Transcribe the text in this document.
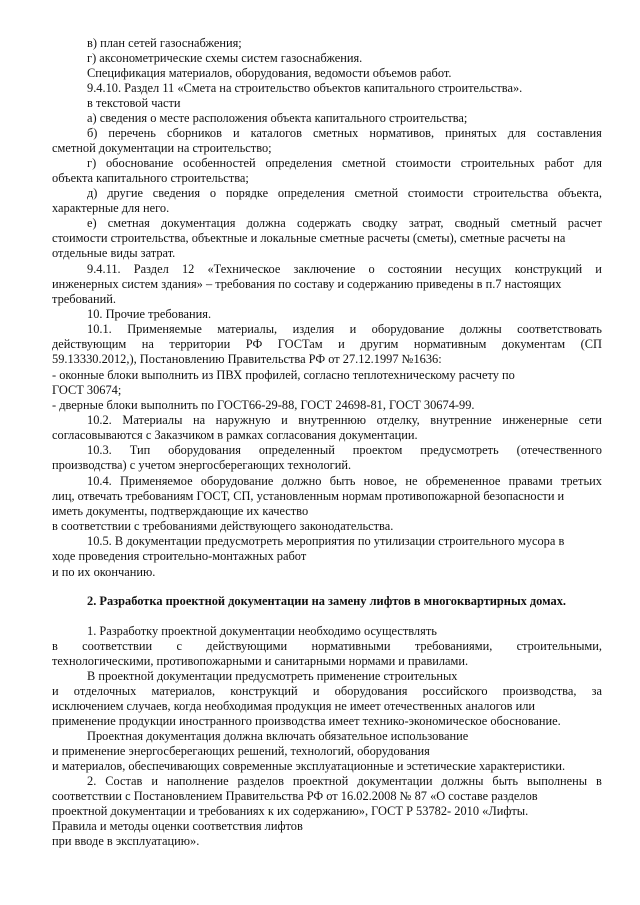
в) план сетей газоснабжения;

г) аксонометрические схемы систем газоснабжения.

Спецификация материалов, оборудования, ведомости объемов работ.

9.4.10. Раздел 11 «Смета на строительство объектов капитального строительства».

в текстовой части

а) сведения о месте расположения объекта капитального строительства;

б) перечень сборников и каталогов сметных нормативов, принятых для составления

сметной документации на строительство;

г) обоснование особенностей определения сметной стоимости строительных работ для

объекта капитального строительства;

д) другие сведения о порядке определения сметной стоимости строительства объекта,

характерные для него.

е) сметная документация должна содержать сводку затрат, сводный сметный расчет

стоимости строительства, объектные и локальные сметные расчеты (сметы), сметные расчеты на

отдельные виды затрат.

9.4.11. Раздел 12 «Техническое заключение о состоянии несущих конструкций и

инженерных систем здания» – требования по составу и содержанию приведены в п.7 настоящих

требований.

10. Прочие требования.

10.1. Применяемые материалы, изделия и оборудование должны соответствовать

действующим на территории РФ ГОСТам и другим нормативным документам (СП

59.13330.2012,), Постановлению Правительства РФ от 27.12.1997 №1636:

- оконные блоки выполнить из ПВХ профилей, согласно теплотехническому расчету по

ГОСТ 30674;

- дверные блоки выполнить по ГОСТ66-29-88, ГОСТ 24698-81, ГОСТ 30674-99.

10.2. Материалы на наружную и внутреннюю отделку, внутренние инженерные сети

согласовываются с Заказчиком в рамках согласования документации.

10.3. Тип оборудования определенный проектом предусмотреть (отечественного

производства) с учетом энергосберегающих технологий.

10.4. Применяемое оборудование должно быть новое, не обремененное правами третьих

лиц, отвечать требованиям ГОСТ, СП, установленным нормам противопожарной безопасности и

иметь документы, подтверждающие их качество

в соответствии с требованиями действующего законодательства.

10.5. В документации предусмотреть мероприятия по утилизации строительного мусора в

ходе проведения строительно-монтажных работ

и по их окончанию.

2. Разработка проектной документации на замену лифтов в многоквартирных домах.

1. Разработку проектной документации необходимо осуществлять

в соответствии с действующими нормативными требованиями, строительными,

технологическими, противопожарными и санитарными нормами и правилами.

В проектной документации предусмотреть применение строительных

и отделочных материалов, конструкций и оборудования российского производства, за

исключением случаев, когда необходимая продукция не имеет отечественных аналогов или

применение продукции иностранного производства имеет технико-экономическое обоснование.

Проектная документация должна включать обязательное использование

и применение энергосберегающих решений, технологий, оборудования

и материалов, обеспечивающих современные эксплуатационные и эстетические характеристики.

2. Состав и наполнение разделов проектной документации должны быть выполнены в

соответствии с Постановлением Правительства РФ от 16.02.2008 № 87 «О составе разделов

проектной документации и требованиях к их содержанию», ГОСТ Р 53782- 2010 «Лифты.

Правила и методы оценки соответствия лифтов

при вводе в эксплуатацию».
